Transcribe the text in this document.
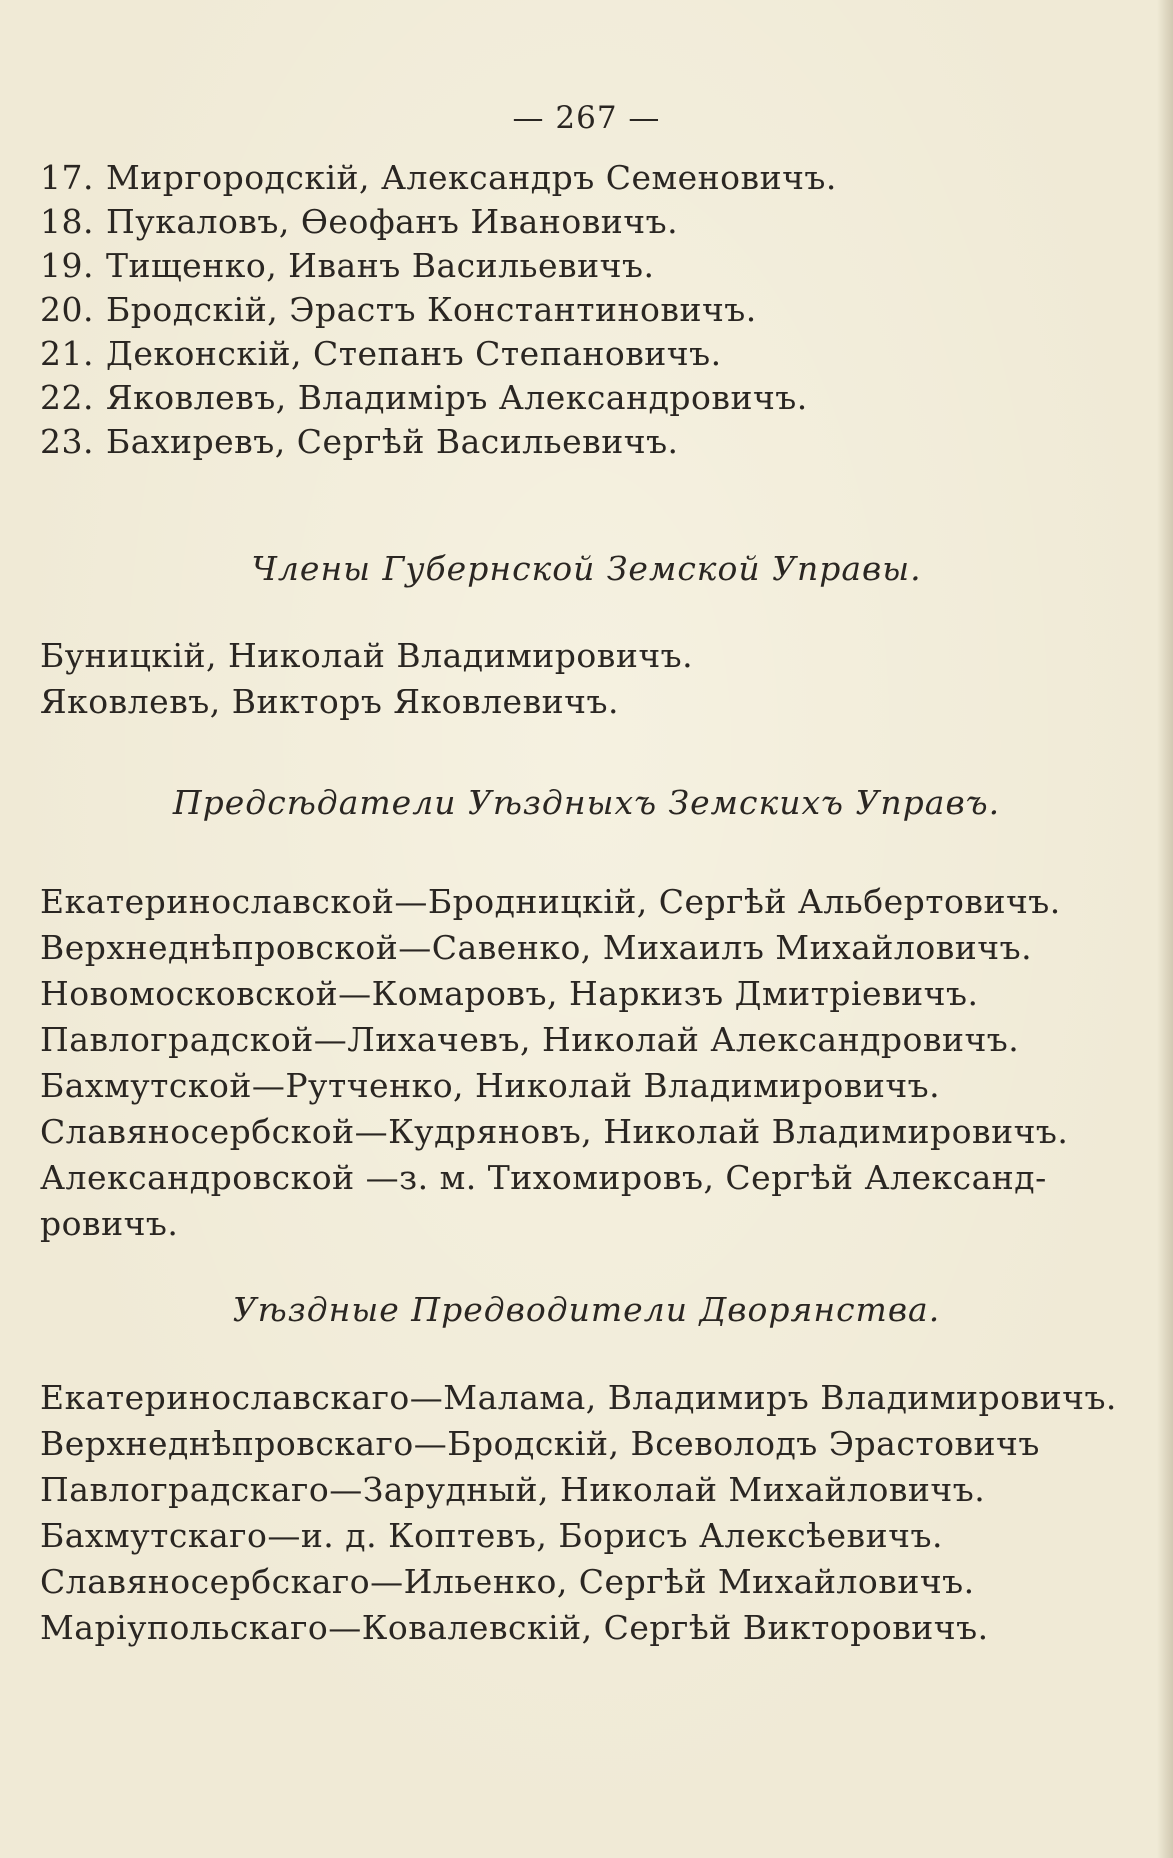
— 267 —
17. Миргородскій, Александръ Семеновичъ.
18. Пукаловъ, Ѳеофанъ Ивановичъ.
19. Тищенко, Иванъ Васильевичъ.
20. Бродскій, Эрастъ Константиновичъ.
21. Деконскій, Степанъ Степановичъ.
22. Яковлевъ, Владиміръ Александровичъ.
23. Бахиревъ, Сергѣй Васильевичъ.
Члены Губернской Земской Управы.
Буницкій, Николай Владимировичъ.
Яковлевъ, Викторъ Яковлевичъ.
Предсѣдатели Уѣздныхъ Земскихъ Управъ.
Екатеринославской—Бродницкій, Сергѣй Альбертовичъ.
Верхнеднѣпровской—Савенко, Михаилъ Михайловичъ.
Новомосковской—Комаровъ, Наркизъ Дмитріевичъ.
Павлоградской—Лихачевъ, Николай Александровичъ.
Бахмутской—Рутченко, Николай Владимировичъ.
Славяносербской—Кудряновъ, Николай Владимировичъ.
Александровской —з. м. Тихомировъ, Сергѣй Александ-
ровичъ.
Уѣздные Предводители Дворянства.
Екатеринославскаго—Малама, Владимиръ Владимировичъ.
Верхнеднѣпровскаго—Бродскій, Всеволодъ Эрастовичъ
Павлоградскаго—Зарудный, Николай Михайловичъ.
Бахмутскаго—и. д. Коптевъ, Борисъ Алексѣевичъ.
Славяносербскаго—Ильенко, Сергѣй Михайловичъ.
Маріупольскаго—Ковалевскій, Сергѣй Викторовичъ.
